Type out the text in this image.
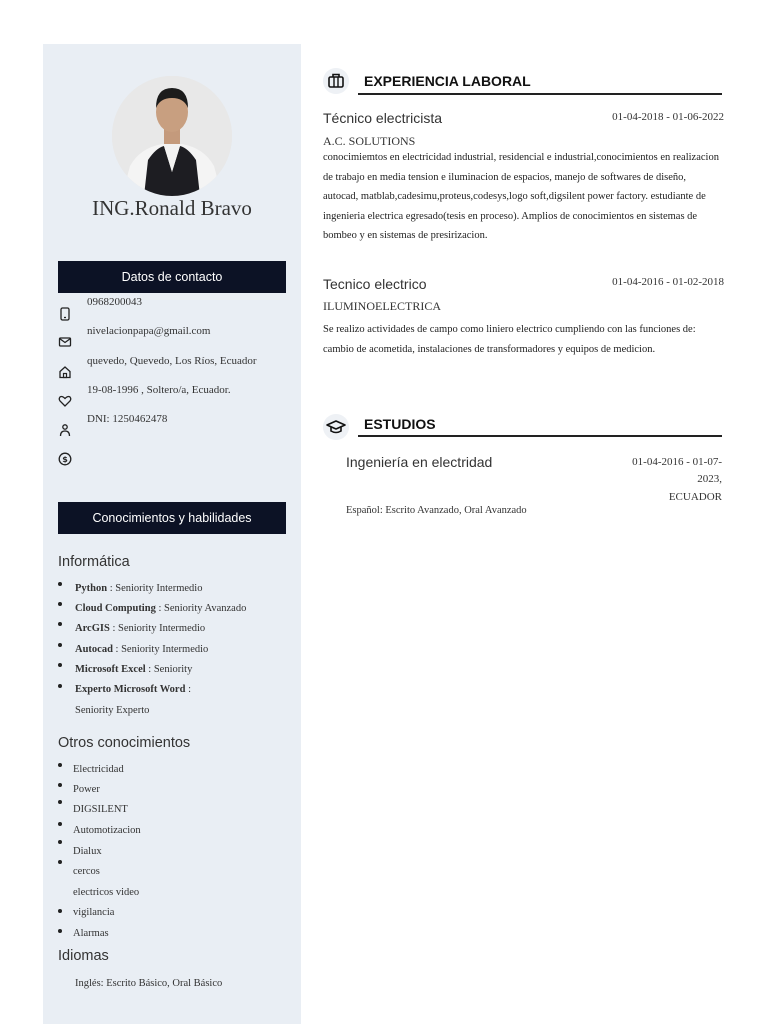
ING.Ronald Bravo
Datos de contacto
$
0968200043
nivelacionpapa@gmail.com
quevedo, Quevedo, Los Ríos, Ecuador
19-08-1996 , Soltero/a, Ecuador.
DNI: 1250462478
Conocimientos y habilidades
Informática
Python : Seniority Intermedio
Cloud Computing : Seniority Avanzado
ArcGIS : Seniority Intermedio
Autocad : Seniority Intermedio
Microsoft Excel : Seniority
Experto Microsoft Word :
Seniority Experto
Otros conocimientos
Electricidad
Power
DIGSILENT
Automotizacion
Dialux
cercos
electricos video
vigilancia
Alarmas
Idiomas
Inglés: Escrito Básico, Oral Básico
EXPERIENCIA LABORAL
Técnico electricista	01-04-2018 - 01-06-2022
A.C. SOLUTIONS

conocimiemtos en electricidad industrial, residencial e industrial,conocimientos en realizacion de trabajo en media tension e iluminacion de espacios, manejo de softwares de diseño, autocad, matblab,cadesimu,proteus,codesys,logo soft,digsilent power factory. estudiante de ingenieria electrica egresado(tesis en proceso). Amplios de conocimientos en sistemas de bombeo y en sistemas de presirizacion.

Tecnico electrico	01-04-2016 - 01-02-2018
ILUMINOELECTRICA

Se realizo actividades de campo como liniero electrico cumpliendo con las funciones de: cambio de acometida, instalaciones de transformadores y equipos de medicion.

ESTUDIOS
Ingeniería en electridad	01-04-2016 - 01-07-
2023,
ECUADOR
Español: Escrito Avanzado, Oral Avanzado
